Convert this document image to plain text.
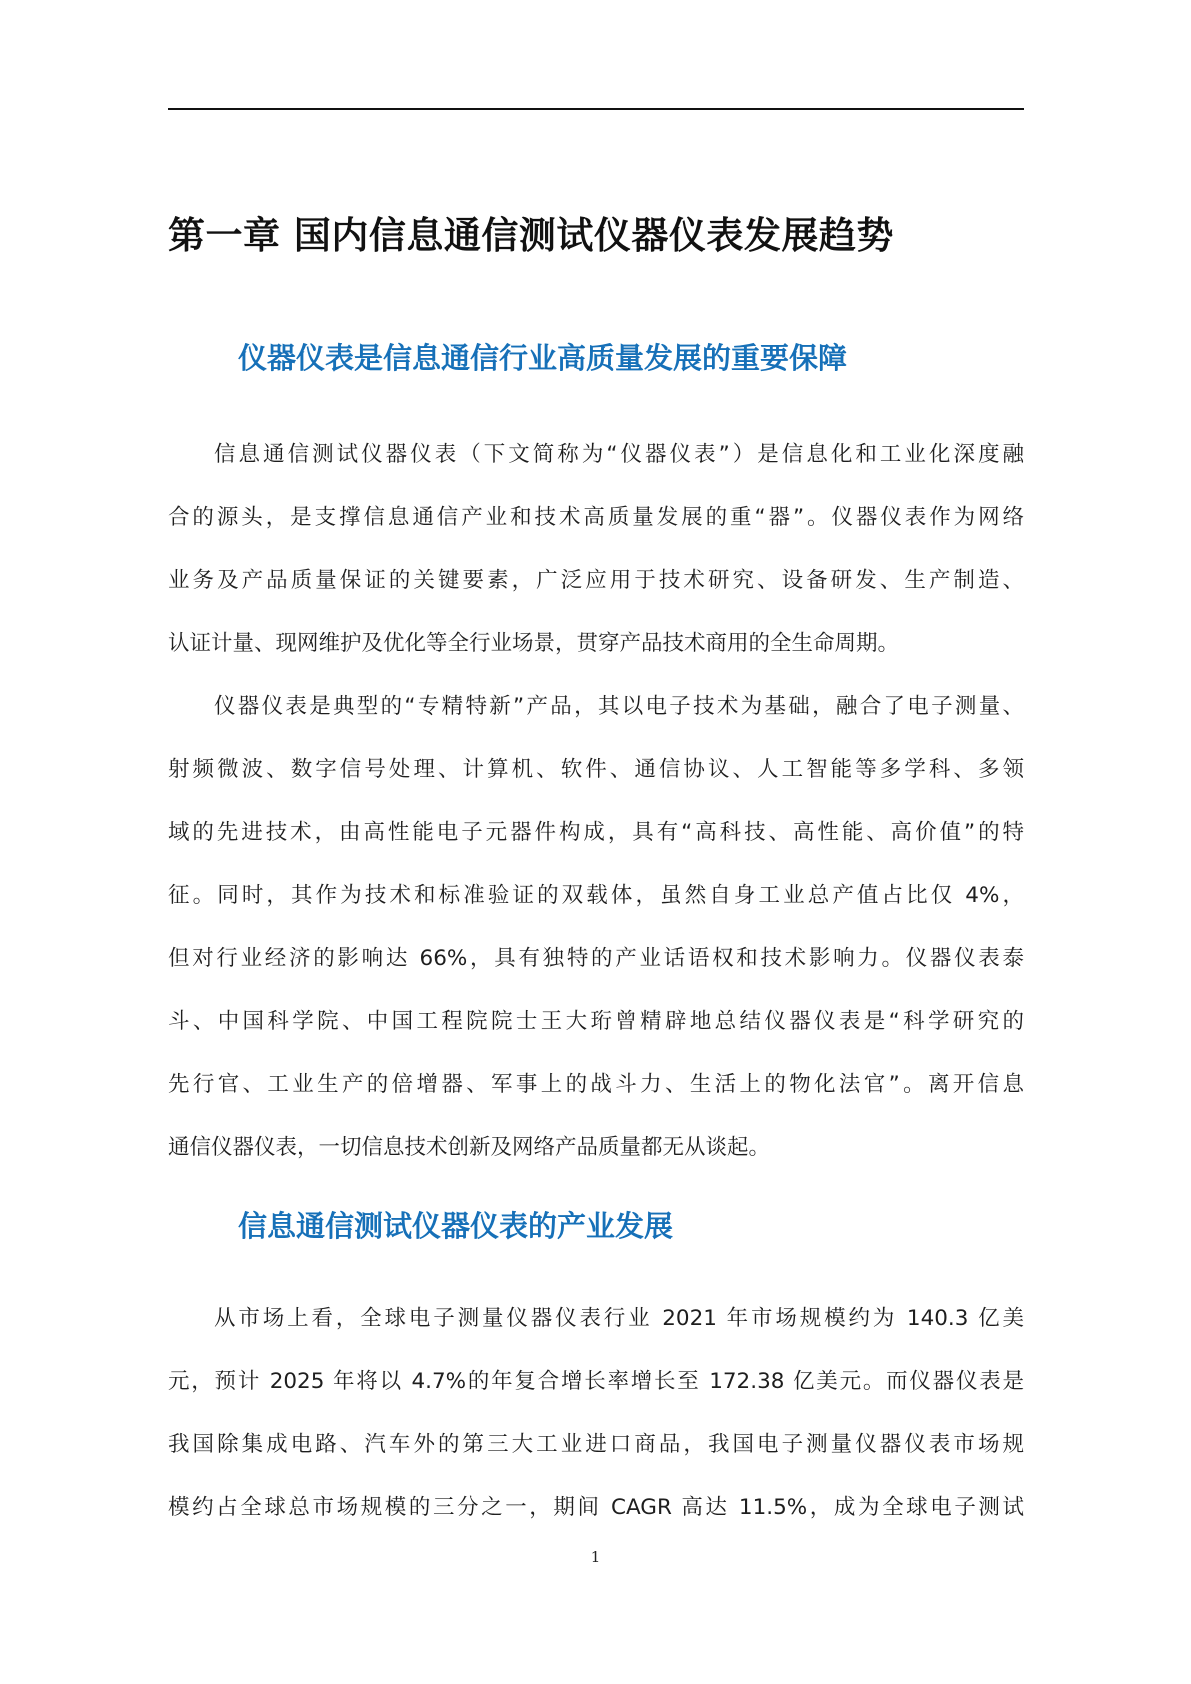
第一章 国内信息通信测试仪器仪表发展趋势
仪器仪表是信息通信行业高质量发展的重要保障
信息通信测试仪器仪表（下文简称为“仪器仪表”）是信息化和工业化深度融
合的源头，是支撑信息通信产业和技术高质量发展的重“器”。仪器仪表作为网络
业务及产品质量保证的关键要素，广泛应用于技术研究、设备研发、生产制造、
认证计量、现网维护及优化等全行业场景，贯穿产品技术商用的全生命周期。
仪器仪表是典型的“专精特新”产品，其以电子技术为基础，融合了电子测量、
射频微波、数字信号处理、计算机、软件、通信协议、人工智能等多学科、多领
域的先进技术，由高性能电子元器件构成，具有“高科技、高性能、高价值”的特
征。同时，其作为技术和标准验证的双载体，虽然自身工业总产值占比仅 4%，
但对行业经济的影响达 66%，具有独特的产业话语权和技术影响力。仪器仪表泰
斗、中国科学院、中国工程院院士王大珩曾精辟地总结仪器仪表是“科学研究的
先行官、工业生产的倍增器、军事上的战斗力、生活上的物化法官”。离开信息
通信仪器仪表，一切信息技术创新及网络产品质量都无从谈起。
信息通信测试仪器仪表的产业发展
从市场上看，全球电子测量仪器仪表行业 2021 年市场规模约为 140.3 亿美
元，预计 2025 年将以 4.7%的年复合增长率增长至 172.38 亿美元。而仪器仪表是
我国除集成电路、汽车外的第三大工业进口商品，我国电子测量仪器仪表市场规
模约占全球总市场规模的三分之一，期间 CAGR 高达 11.5%，成为全球电子测试
1
